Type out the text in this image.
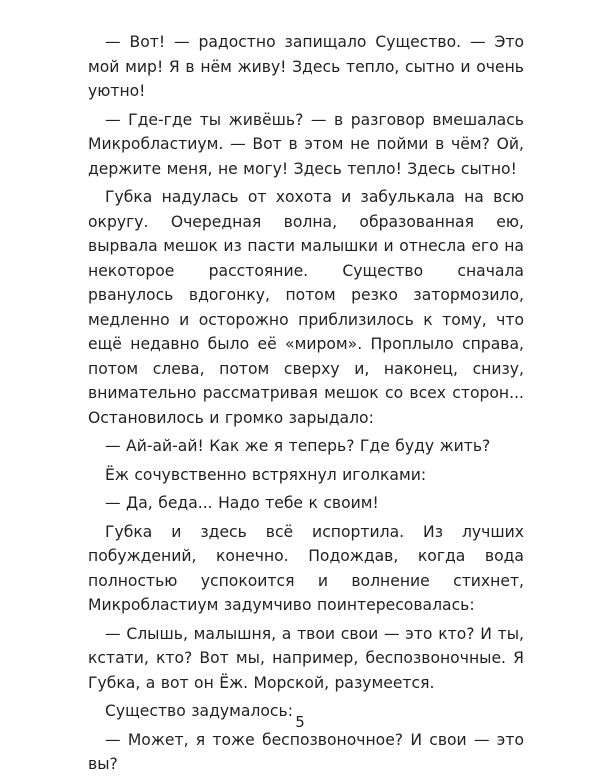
— Вот! — радостно запищало Существо. — Это мой мир! Я в нём живу! Здесь тепло, сытно и очень уютно!

— Где-где ты живёшь? — в разговор вмешалась Микробластиум. — Вот в этом не пойми в чём? Ой, держите меня, не могу! Здесь тепло! Здесь сытно!

Губка надулась от хохота и забулькала на всю округу. Очередная волна, образованная ею, вырвала мешок из пасти малышки и отнесла его на некоторое расстояние. Существо сначала рванулось вдогонку, потом резко затормозило, медленно и осторожно приблизилось к тому, что ещё недавно было её «миром». Проплыло справа, потом слева, потом сверху и, наконец, снизу, внимательно рассматривая мешок со всех сторон... Остановилось и громко зарыдало:

— Ай-ай-ай! Как же я теперь? Где буду жить?

Ёж сочувственно встряхнул иголками:

— Да, беда... Надо тебе к своим!

Губка и здесь всё испортила. Из лучших побуждений, конечно. Подождав, когда вода полностью успокоится и волнение стихнет, Микробластиум задумчиво поинтересовалась:

— Слышь, малышня, а твои свои — это кто? И ты, кстати, кто? Вот мы, например, беспозвоночные. Я Губка, а вот он Ёж. Морской, разумеется.

Существо задумалось:

— Может, я тоже беспозвоночное? И свои — это вы?

5
